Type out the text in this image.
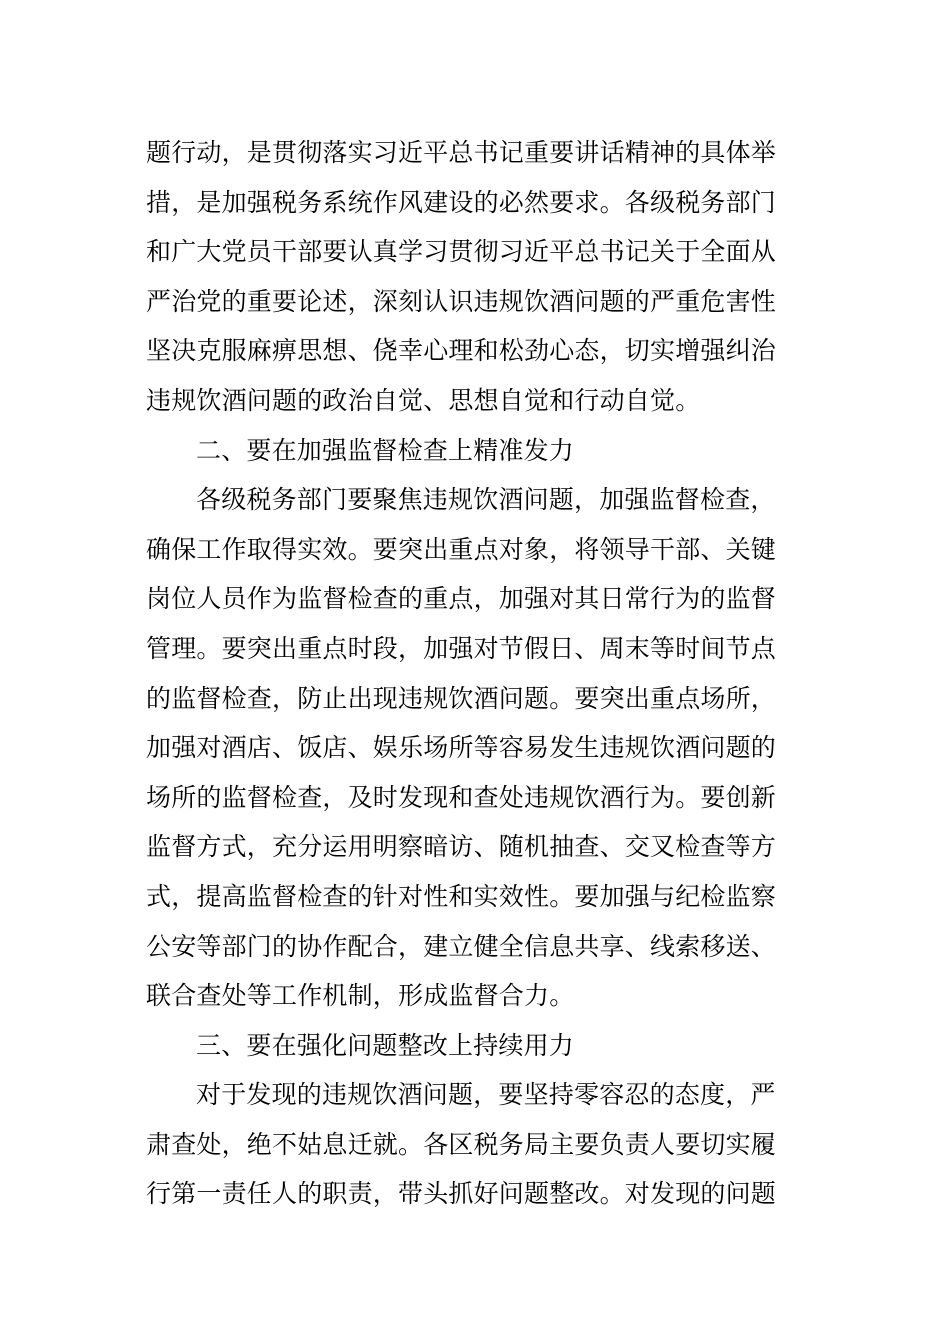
题行动，是贯彻落实习近平总书记重要讲话精神的具体举
措，是加强税务系统作风建设的必然要求。各级税务部门
和广大党员干部要认真学习贯彻习近平总书记关于全面从
严治党的重要论述，深刻认识违规饮酒问题的严重危害性
坚决克服麻痹思想、侥幸心理和松劲心态，切实增强纠治
违规饮酒问题的政治自觉、思想自觉和行动自觉。
二、要在加强监督检查上精准发力
各级税务部门要聚焦违规饮酒问题，加强监督检查，
确保工作取得实效。要突出重点对象，将领导干部、关键
岗位人员作为监督检查的重点，加强对其日常行为的监督
管理。要突出重点时段，加强对节假日、周末等时间节点
的监督检查，防止出现违规饮酒问题。要突出重点场所，
加强对酒店、饭店、娱乐场所等容易发生违规饮酒问题的
场所的监督检查，及时发现和查处违规饮酒行为。要创新
监督方式，充分运用明察暗访、随机抽查、交叉检查等方
式，提高监督检查的针对性和实效性。要加强与纪检监察
公安等部门的协作配合，建立健全信息共享、线索移送、
联合查处等工作机制，形成监督合力。
三、要在强化问题整改上持续用力
对于发现的违规饮酒问题，要坚持零容忍的态度，严
肃查处，绝不姑息迁就。各区税务局主要负责人要切实履
行第一责任人的职责，带头抓好问题整改。对发现的问题
